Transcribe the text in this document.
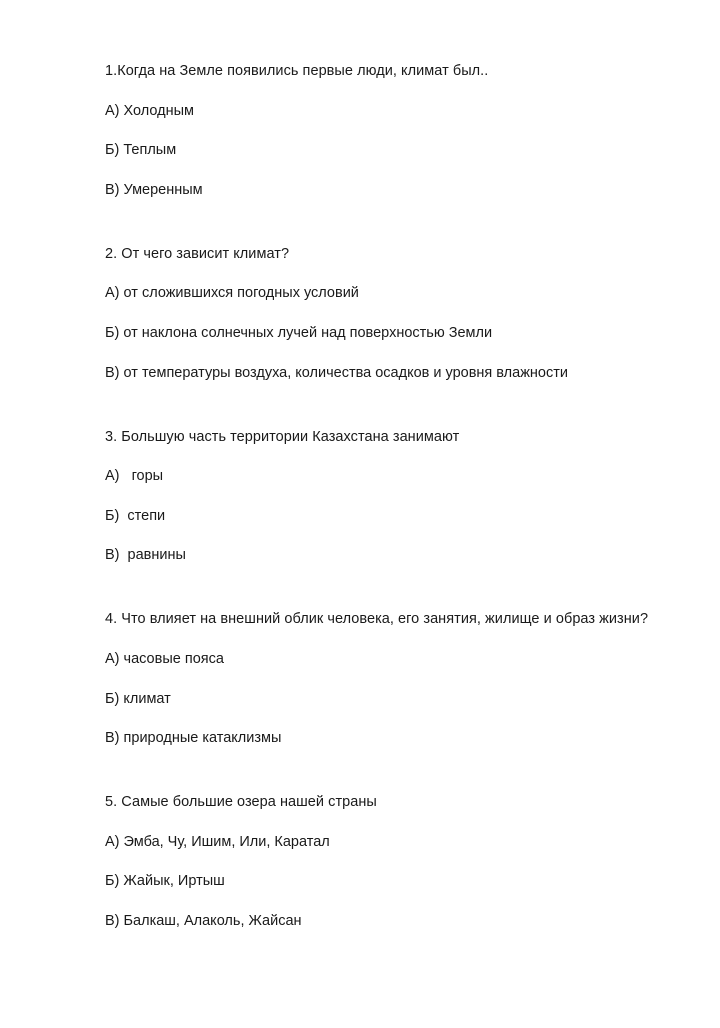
1.Когда на Земле появились первые люди, климат был..
А) Холодным
Б) Теплым
В) Умеренным
2. От чего зависит климат?
А) от сложившихся погодных условий
Б) от наклона солнечных лучей над поверхностью Земли
В) от температуры воздуха, количества осадков и уровня влажности
3. Большую часть территории Казахстана занимают
А)   горы
Б)  степи
В)  равнины
4. Что влияет на внешний облик человека, его занятия, жилище и образ жизни?
А) часовые пояса
Б) климат
В) природные катаклизмы
5. Самые большие озера нашей страны
А) Эмба, Чу, Ишим, Или, Каратал
Б) Жайык, Иртыш
В) Балкаш, Алаколь, Жайсан
